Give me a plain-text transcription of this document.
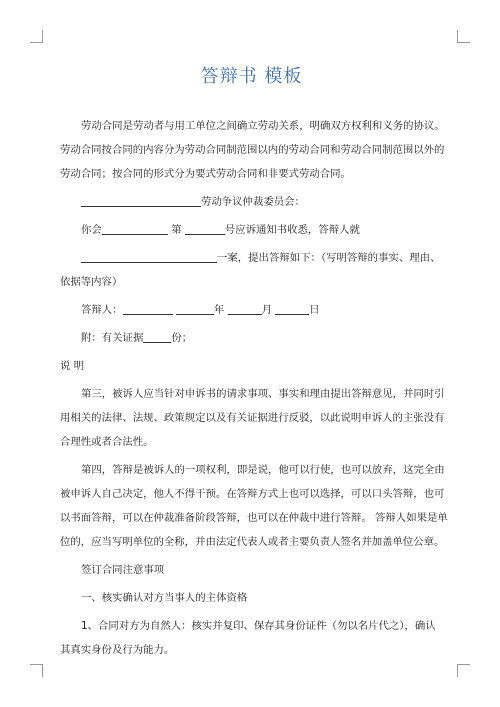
答辩书 模板

劳动合同是劳动者与用工单位之间确立劳动关系，明确双方权利和义务的协议。

劳动合同按合同的内容分为劳动合同制范围以内的劳动合同和劳动合同制范围以外的

劳动合同；按合同的形式分为要式劳动合同和非要式劳动合同。

劳动争议仲裁委员会：

你会	第	号应诉通知书收悉，答辩人就

一案，提出答辩如下：（写明答辩的事实、理由、

依据等内容）

答辩人：	年	月	日

附：有关证据	份；

说 明

第三，被诉人应当针对申诉书的请求事项、事实和理由提出答辩意见，并同时引

用相关的法律、法规、政策规定以及有关证据进行反驳，以此说明申诉人的主张没有

合理性或者合法性。

第四，答辩是被诉人的一项权利，即是说，他可以行使，也可以放弃，这完全由

被申诉人自己决定，他人不得干预。在答辩方式上也可以选择，可以口头答辩，也可

以书面答辩，可以在仲裁准备阶段答辩，也可以在仲裁中进行答辩。 答辩人如果是单

位的，应当写明单位的全称，并由法定代表人或者主要负责人签名并加盖单位公章。

签订合同注意事项

一、核实确认对方当事人的主体资格

1、合同对方为自然人：核实并复印、保存其身份证件（勿以名片代之），确认

其真实身份及行为能力。
